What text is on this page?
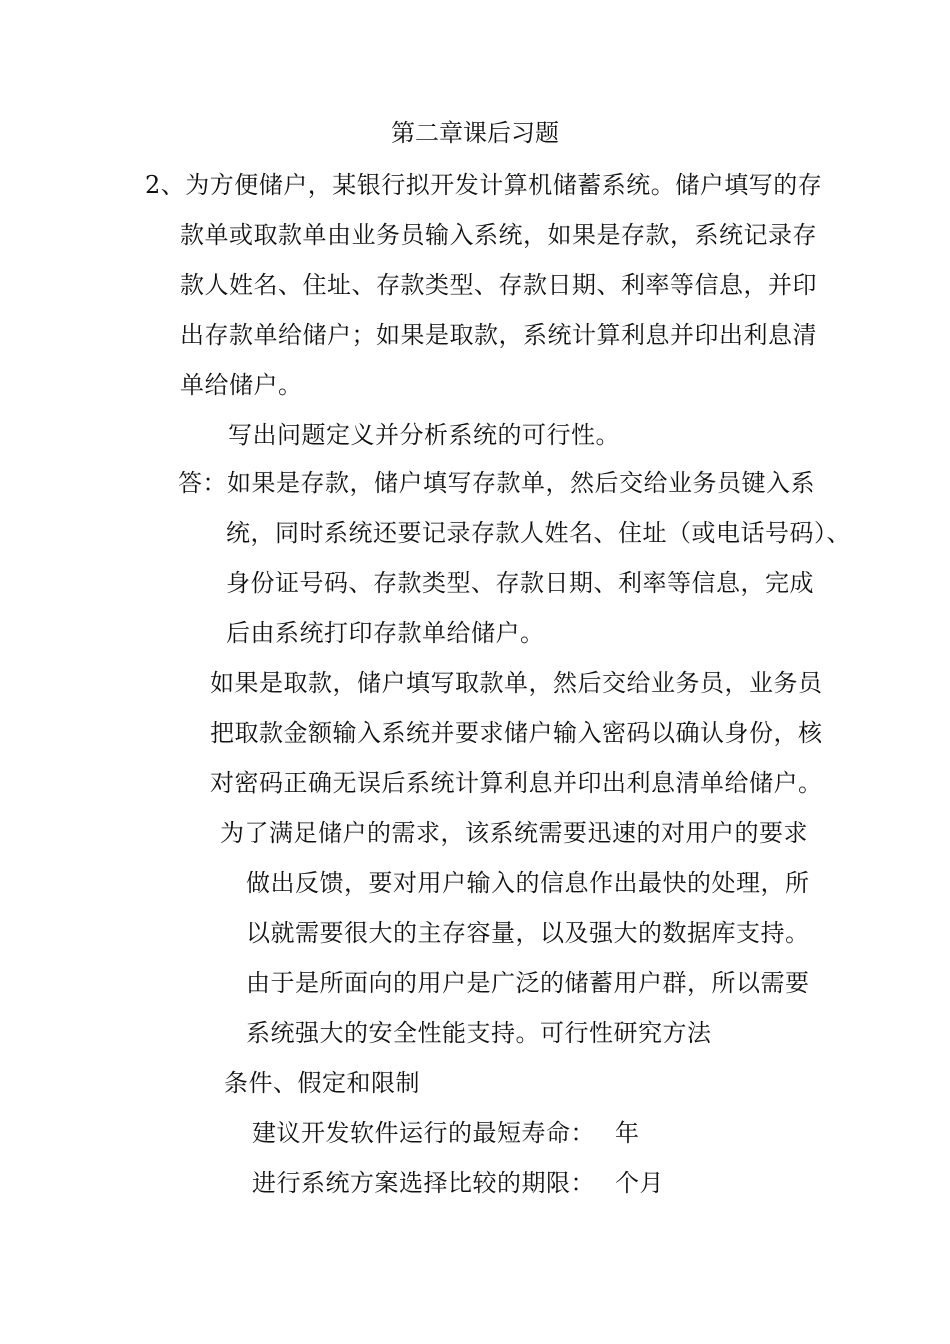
第二章课后习题
2、为方便储户，某银行拟开发计算机储蓄系统。储户填写的存
款单或取款单由业务员输入系统，如果是存款，系统记录存
款人姓名、住址、存款类型、存款日期、利率等信息，并印
出存款单给储户；如果是取款，系统计算利息并印出利息清
单给储户。
写出问题定义并分析系统的可行性。
答：如果是存款，储户填写存款单，然后交给业务员键入系
统，同时系统还要记录存款人姓名、住址（或电话号码）、
身份证号码、存款类型、存款日期、利率等信息，完成
后由系统打印存款单给储户。
如果是取款，储户填写取款单，然后交给业务员，业务员
把取款金额输入系统并要求储户输入密码以确认身份，核
对密码正确无误后系统计算利息并印出利息清单给储户。
为了满足储户的需求，该系统需要迅速的对用户的要求
做出反馈，要对用户输入的信息作出最快的处理，所
以就需要很大的主存容量，以及强大的数据库支持。
由于是所面向的用户是广泛的储蓄用户群，所以需要
系统强大的安全性能支持。可行性研究方法
条件、假定和限制
建议开发软件运行的最短寿命： 年
进行系统方案选择比较的期限： 个月
